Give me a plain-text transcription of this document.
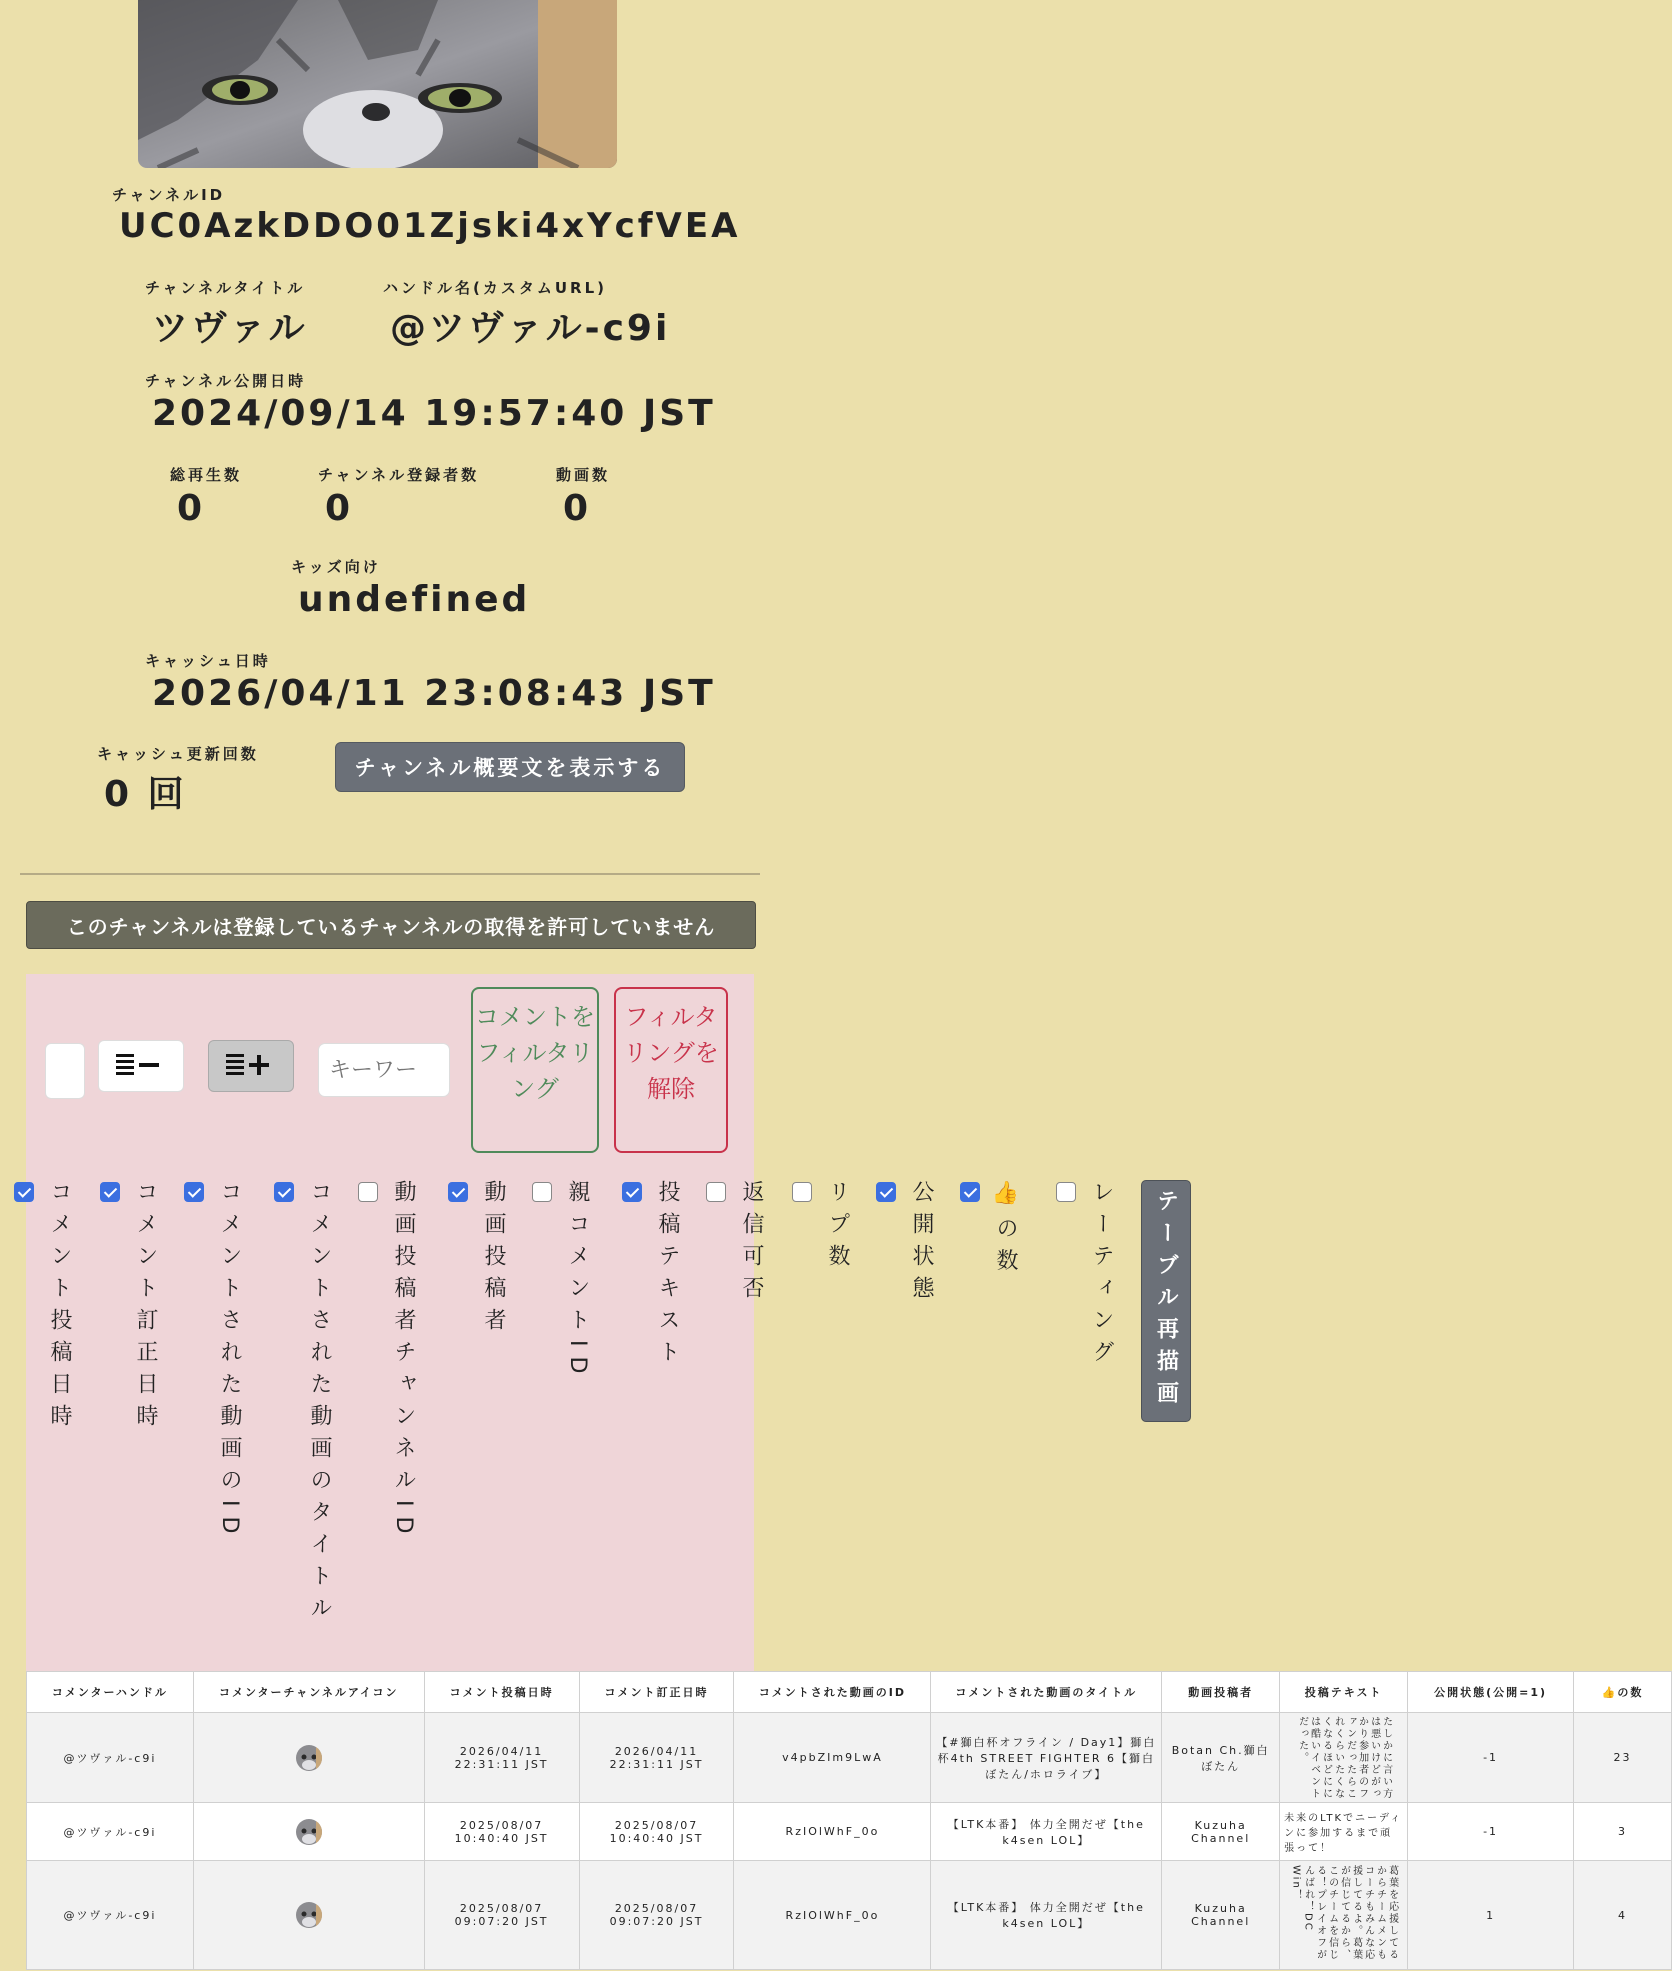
チャンネルID
UC0AzkDDO01Zjski4xYcfVEA
チャンネルタイトル
ツヴァル
ハンドル名(カスタムURL)
@ツヴァル-c9i
チャンネル公開日時
2024/09/14 19:57:40 JST
総再生数
0
チャンネル登録者数
0
動画数
0
キッズ向け
undefined
キャッシュ日時
2026/04/11 23:08:43 JST
キャッシュ更新回数
0 回
チャンネル概要文を表示する
このチャンネルは登録しているチャンネルの取得を許可していません
キーワー
コメントをフィルタリング
フィルタリングを解除
コメント投稿日時	コメント訂正日時	コメントされた動画のID	コメントされた動画のタイトル	動画投稿者チャンネルID	動画投稿者	親コメントID	投稿テキスト	返信可否	リプ数	公開状態	👍の数	レーティング テーブル再描画
コメンターハンドル	コメンターチャンネルアイコン	コメント投稿日時	コメント訂正日時	コメントされた動画のID	コメントされた動画のタイトル	動画投稿者	投稿テキスト	公開状態(公開=1)	👍の数
@ツヴァル-c9i		2026/04/11 22:31:11 JST	2026/04/11 22:31:11 JST	v4pbZIm9LwA	【#獅白杯オフライン / Day1】獅白杯4th STREET FIGHTER 6【獅白ぼたん/ホロライブ】	Botan Ch.獅白ぼたん	たしかに言い方は悪いけどがっかり参加者のファンだったらこれくらいたくなくなるほどにには酷いイベントだった。	-1	23
@ツヴァル-c9i		2025/08/07 10:40:40 JST	2025/08/07 10:40:40 JST	RzIOlWhF_0o	【LTK本番】 体力全開だぜ【the k4sen LOL】	Kuzuha Channel	未来のLTKでニーディンに参加するまで頑張って！	-1	3
@ツヴァル-c9i		2025/08/07 09:07:20 JST	2025/08/07 09:07:20 JST	RzIOlWhF_0o	【LTK本番】 体力全開だぜ【the k4sen LOL】	Kuzuha Channel	葛葉を応援してるからチームメンもコーチもみんな応援してるよ。葛葉が信じてるから、このチームを信じる！プレイオフがんばれ！DC Win！	1	4
